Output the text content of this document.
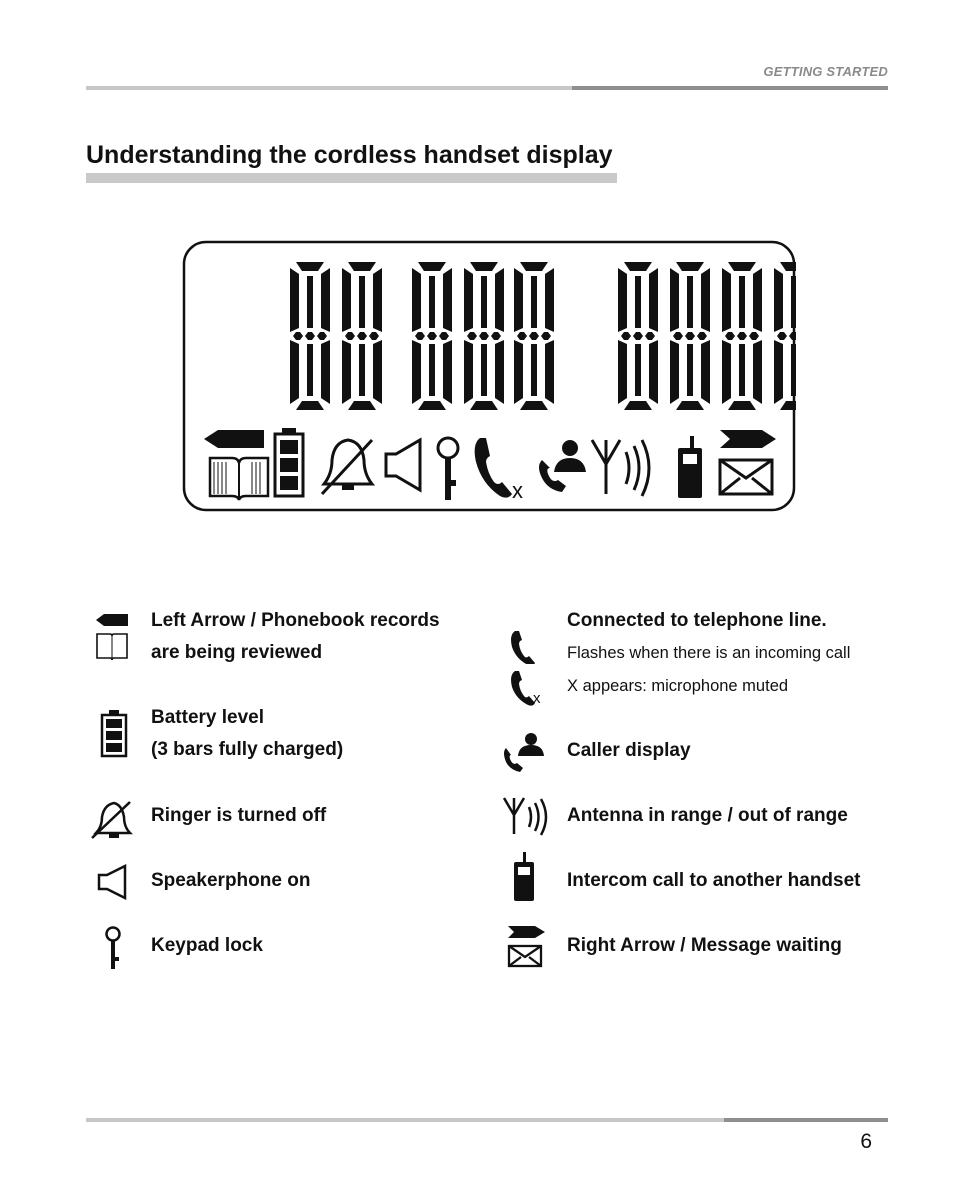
GETTING STARTED
Understanding the cordless handset display
x
Left Arrow / Phonebook records
are being reviewed
Battery level
(3 bars fully charged)
Ringer is turned off
Speakerphone on
Keypad lock
x
Connected to telephone line.
Flashes when there is an incoming call
X appears: microphone muted
Caller display
Antenna in range / out of range
Intercom call to another handset
Right Arrow / Message waiting
6
